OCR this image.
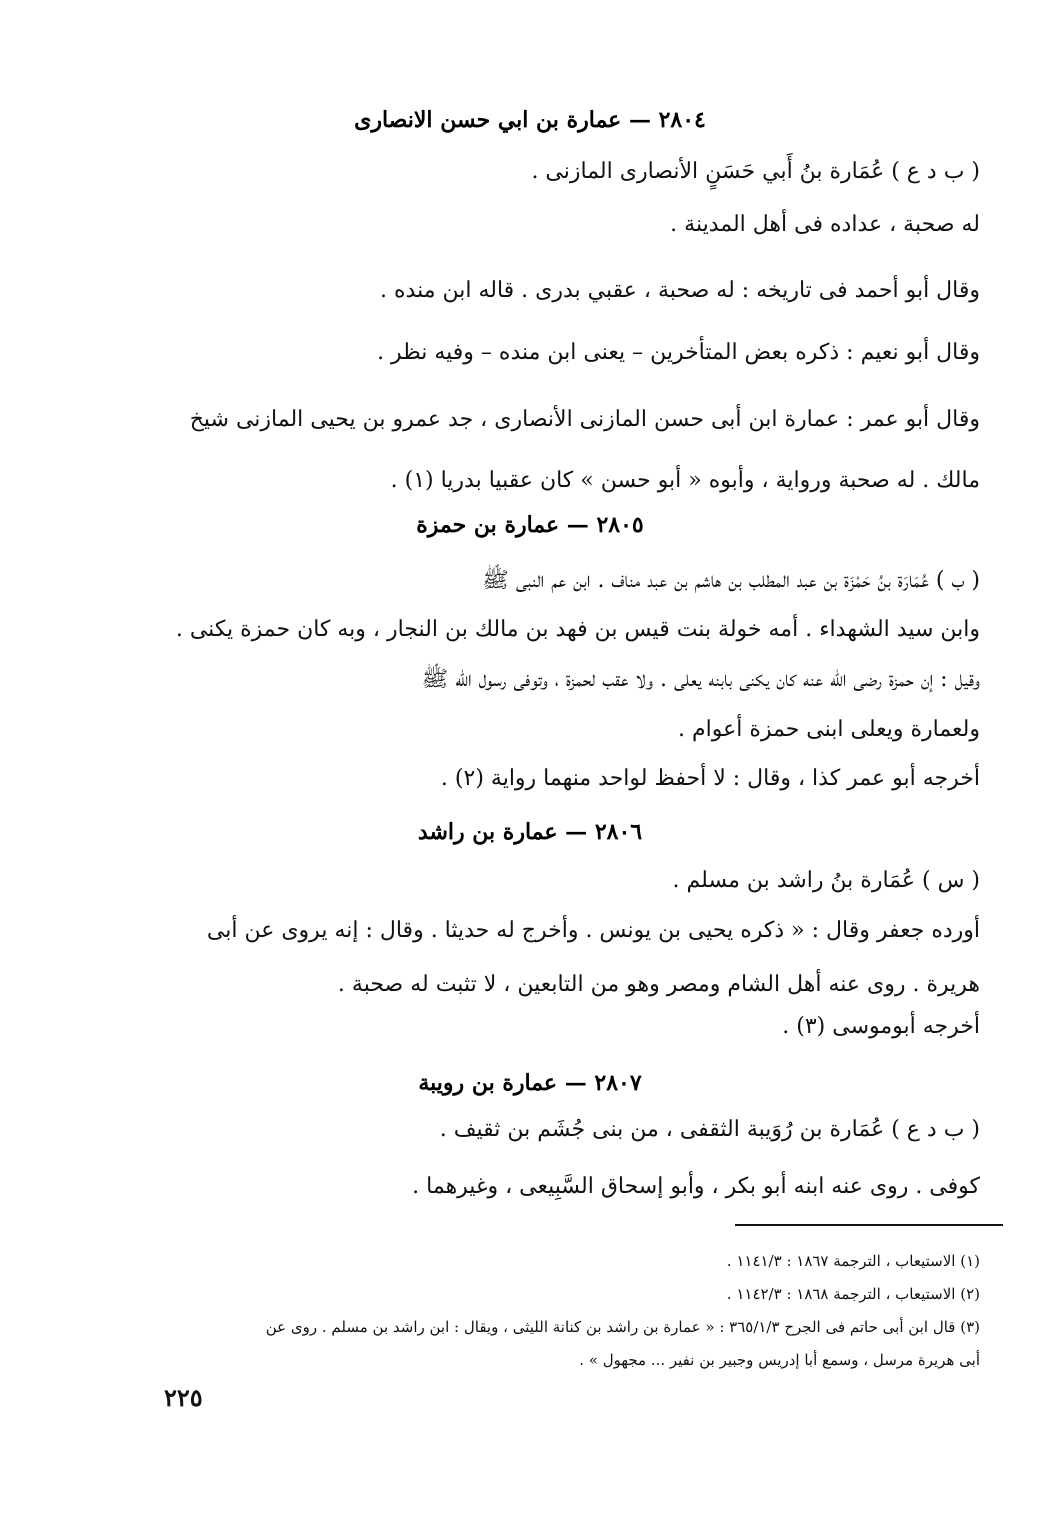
٢٨٠٤ — عمارة بن ابي حسن الانصارى
( ب د ع ) عُمَارة بنُ أَبي حَسَنٍ الأنصارى المازنى .
له صحبة ، عداده فى أهل المدينة .
وقال أبو أحمد فى تاريخه : له صحبة ، عقبي بدرى . قاله ابن منده .
وقال أبو نعيم : ذكره بعض المتأخرين – يعنى ابن منده – وفيه نظر .
وقال أبو عمر : عمارة ابن أبى حسن المازنى الأنصارى ، جد عمرو بن يحيى المازنى شيخ
مالك . له صحبة ورواية ، وأبوه « أبو حسن » كان عقبيا بدريا (١) .
٢٨٠٥ — عمارة بن حمزة
( ب ) عُمَارَة بنُ حَمْزَة بن عبد المطلب بن هاشم بن عبد مناف . ابن عم النبى ﷺ
وابن سيد الشهداء . أمه خولة بنت قيس بن فهد بن مالك بن النجار ، وبه كان حمزة يكنى .
وقيل : إن حمزة رضى الله عنه كان يكنى بابنه يعلى . ولا عقب لحمزة ، وتوفى رسول الله ﷺ
ولعمارة ويعلى ابنى حمزة أعوام .
أخرجه أبو عمر كذا ، وقال : لا أحفظ لواحد منهما رواية (٢) .
٢٨٠٦ — عمارة بن راشد
( س ) عُمَارة بنُ راشد بن مسلم .
أورده جعفر وقال : « ذكره يحيى بن يونس . وأخرج له حديثا . وقال : إنه يروى عن أبى
هريرة . روى عنه أهل الشام ومصر وهو من التابعين ، لا تثبت له صحبة .
أخرجه أبوموسى (٣) .
٢٨٠٧ — عمارة بن رويبة
( ب د ع ) عُمَارة بن رُوَيبة الثقفى ، من بنى جُشَم بن ثقيف .
كوفى . روى عنه ابنه أبو بكر ، وأبو إسحاق السَّبِيعى ، وغيرهما .
(١) الاستيعاب ، الترجمة ١٨٦٧ : ١١٤١/٣ .
(٢) الاستيعاب ، الترجمة ١٨٦٨ : ١١٤٢/٣ .
(٣) قال ابن أبى حاتم فى الجرح ٣٦٥/١/٣ : « عمارة بن راشد بن كنانة الليثى ، ويقال : ابن راشد بن مسلم . روى عن
أبى هريرة مرسل ، وسمع أبا إدريس وجبير بن نفير ... مجهول » .
٢٢٥
